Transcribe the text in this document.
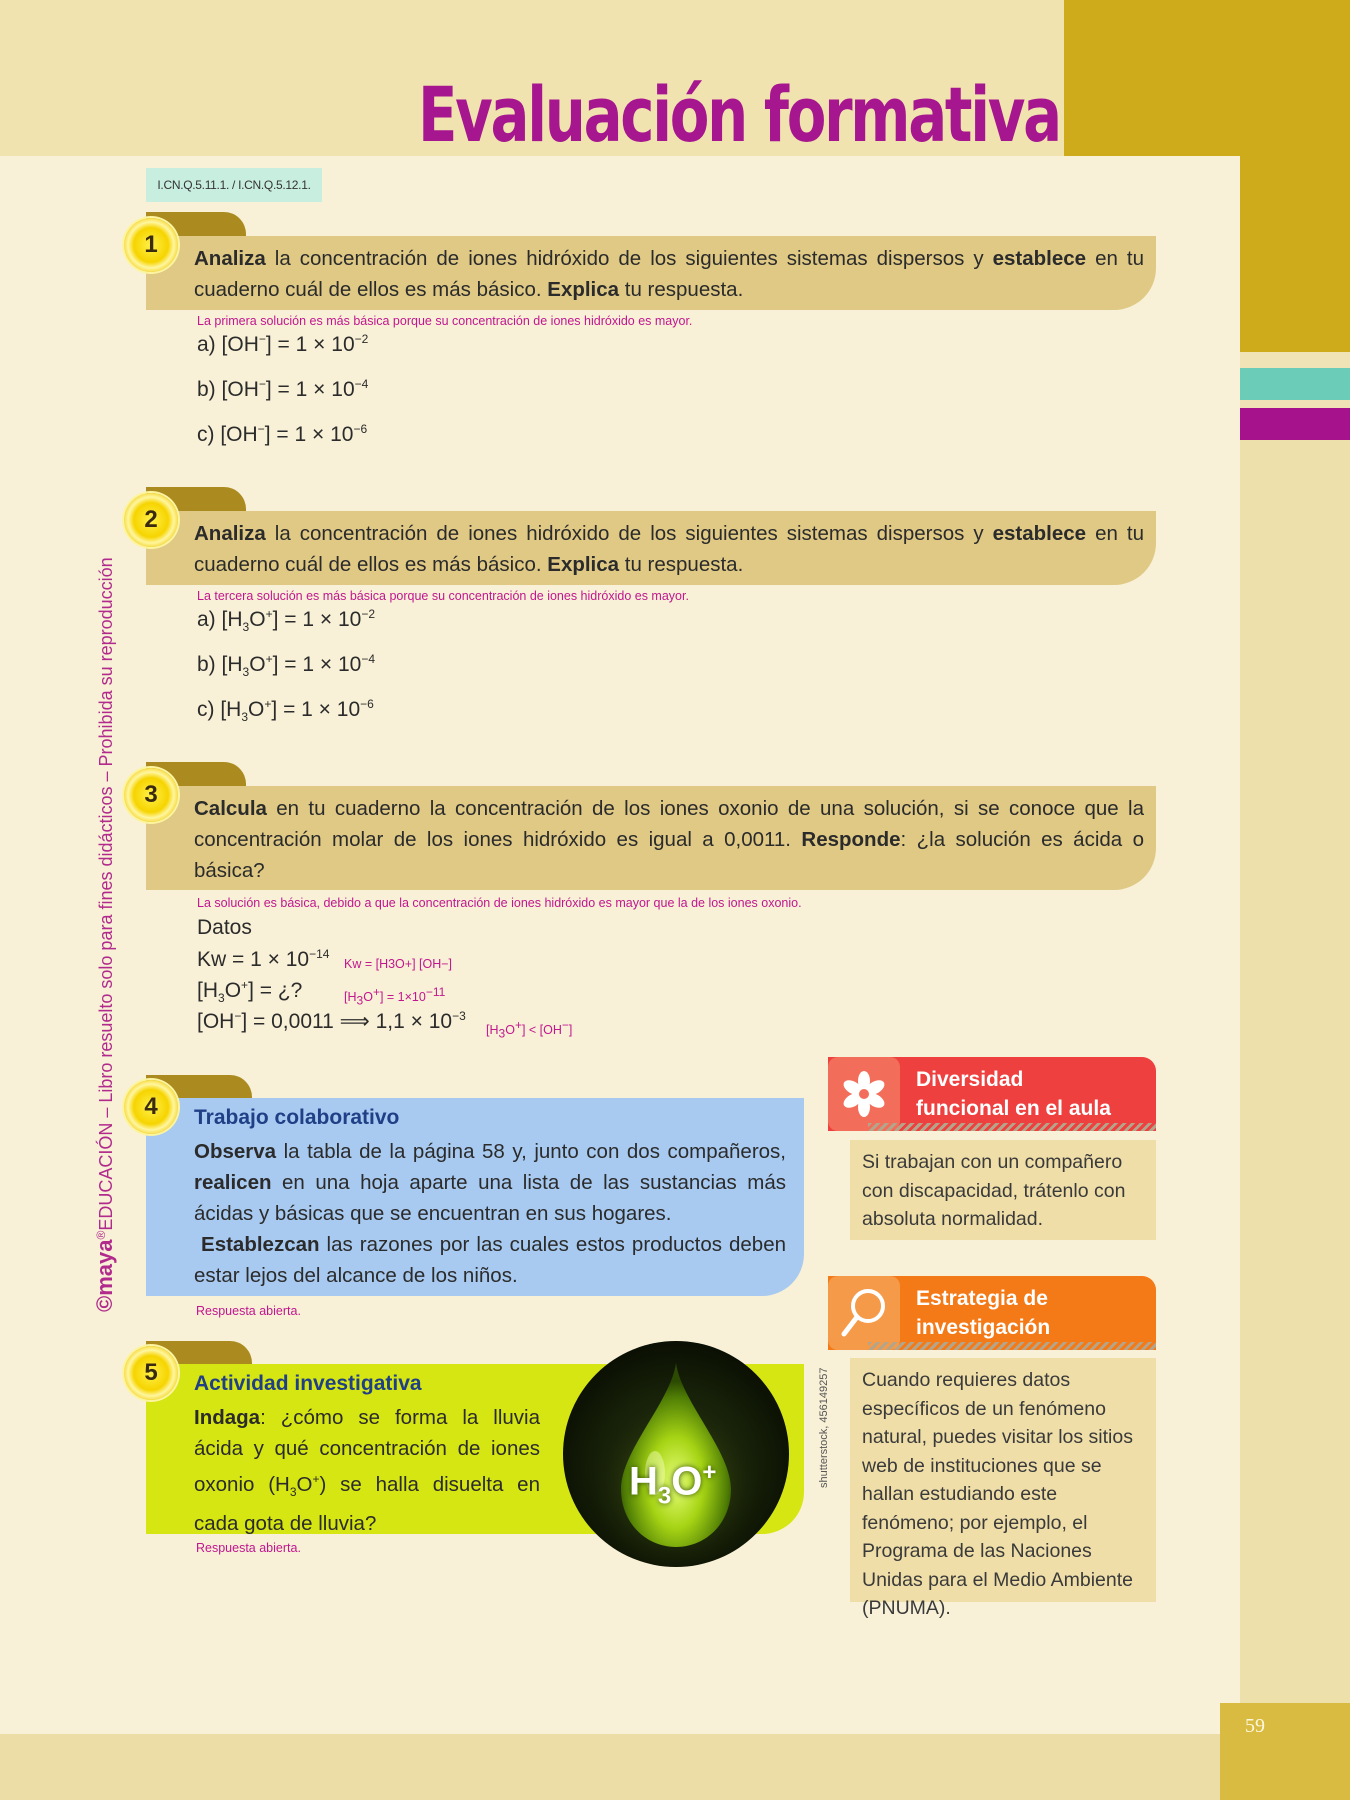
59
Evaluación formativa
I.CN.Q.5.11.1. / I.CN.Q.5.12.1.
©maya®EDUCACIÓN – Libro resuelto solo para fines didácticos – Prohibida su reproducción
1
Analiza la concentración de iones hidróxido de los siguientes sistemas dispersos y establece en tu cuaderno cuál de ellos es más básico. Explica tu respuesta.
La primera solución es más básica porque su concentración de iones hidróxido es mayor.
a) $[OH^-] = 1 \times 10^{-2}$
b) $[OH^-] = 1 \times 10^{-4}$
c) $[OH^-] = 1 \times 10^{-6}$
2
Analiza la concentración de iones hidróxido de los siguientes sistemas dispersos y establece en tu cuaderno cuál de ellos es más básico. Explica tu respuesta.
La tercera solución es más básica porque su concentración de iones hidróxido es mayor.
a) $[H_3O^+] = 1 \times 10^{-2}$
b) $[H_3O^+] = 1 \times 10^{-4}$
c) $[H_3O^+] = 1 \times 10^{-6}$
3
Calcula en tu cuaderno la concentración de los iones oxonio de una solución, si se conoce que la concentración molar de los iones hidróxido es igual a 0,0011. Responde: ¿la solución es ácida o básica?
La solución es básica, debido a que la concentración de iones hidróxido es mayor que la de los iones oxonio.
Datos
$Kw = 1 \times 10^{-14}$
Kw = [H3O+] [OH−]
$[H_3O^+]$ = ¿?	$[H_3O^+] = 1\times 10^{-11}$
[OH−] = 0,0011 ⟹ $1,1 \times 10^{-3}$
$[H_3O^+] < [OH^-]$
4	Trabajo colaborativo
Observa la tabla de la página 58 y, junto con dos compañeros, realicen en una hoja aparte una lista de las sustancias más ácidas y básicas que se encuentran en sus hogares.
Establezcan las razones por las cuales estos productos deben estar lejos del alcance de los niños.
Respuesta abierta.
5	Actividad investigativa
Indaga: ¿cómo se forma la lluvia ácida y qué concentración de iones oxonio $(H_3O^+)$ se halla disuelta en cada gota de lluvia?
Respuesta abierta.
$H_3O^+$	shutterstock, 456149257
Diversidad
funcional en el aula
Si trabajan con un compañero con discapacidad, trátenlo con absoluta normalidad.
Estrategia de
investigación
Cuando requieres datos específicos de un fenómeno natural, puedes visitar los sitios web de instituciones que se hallan estudiando este fenómeno; por ejemplo, el Programa de las Naciones Unidas para el Medio Ambiente (PNUMA).
